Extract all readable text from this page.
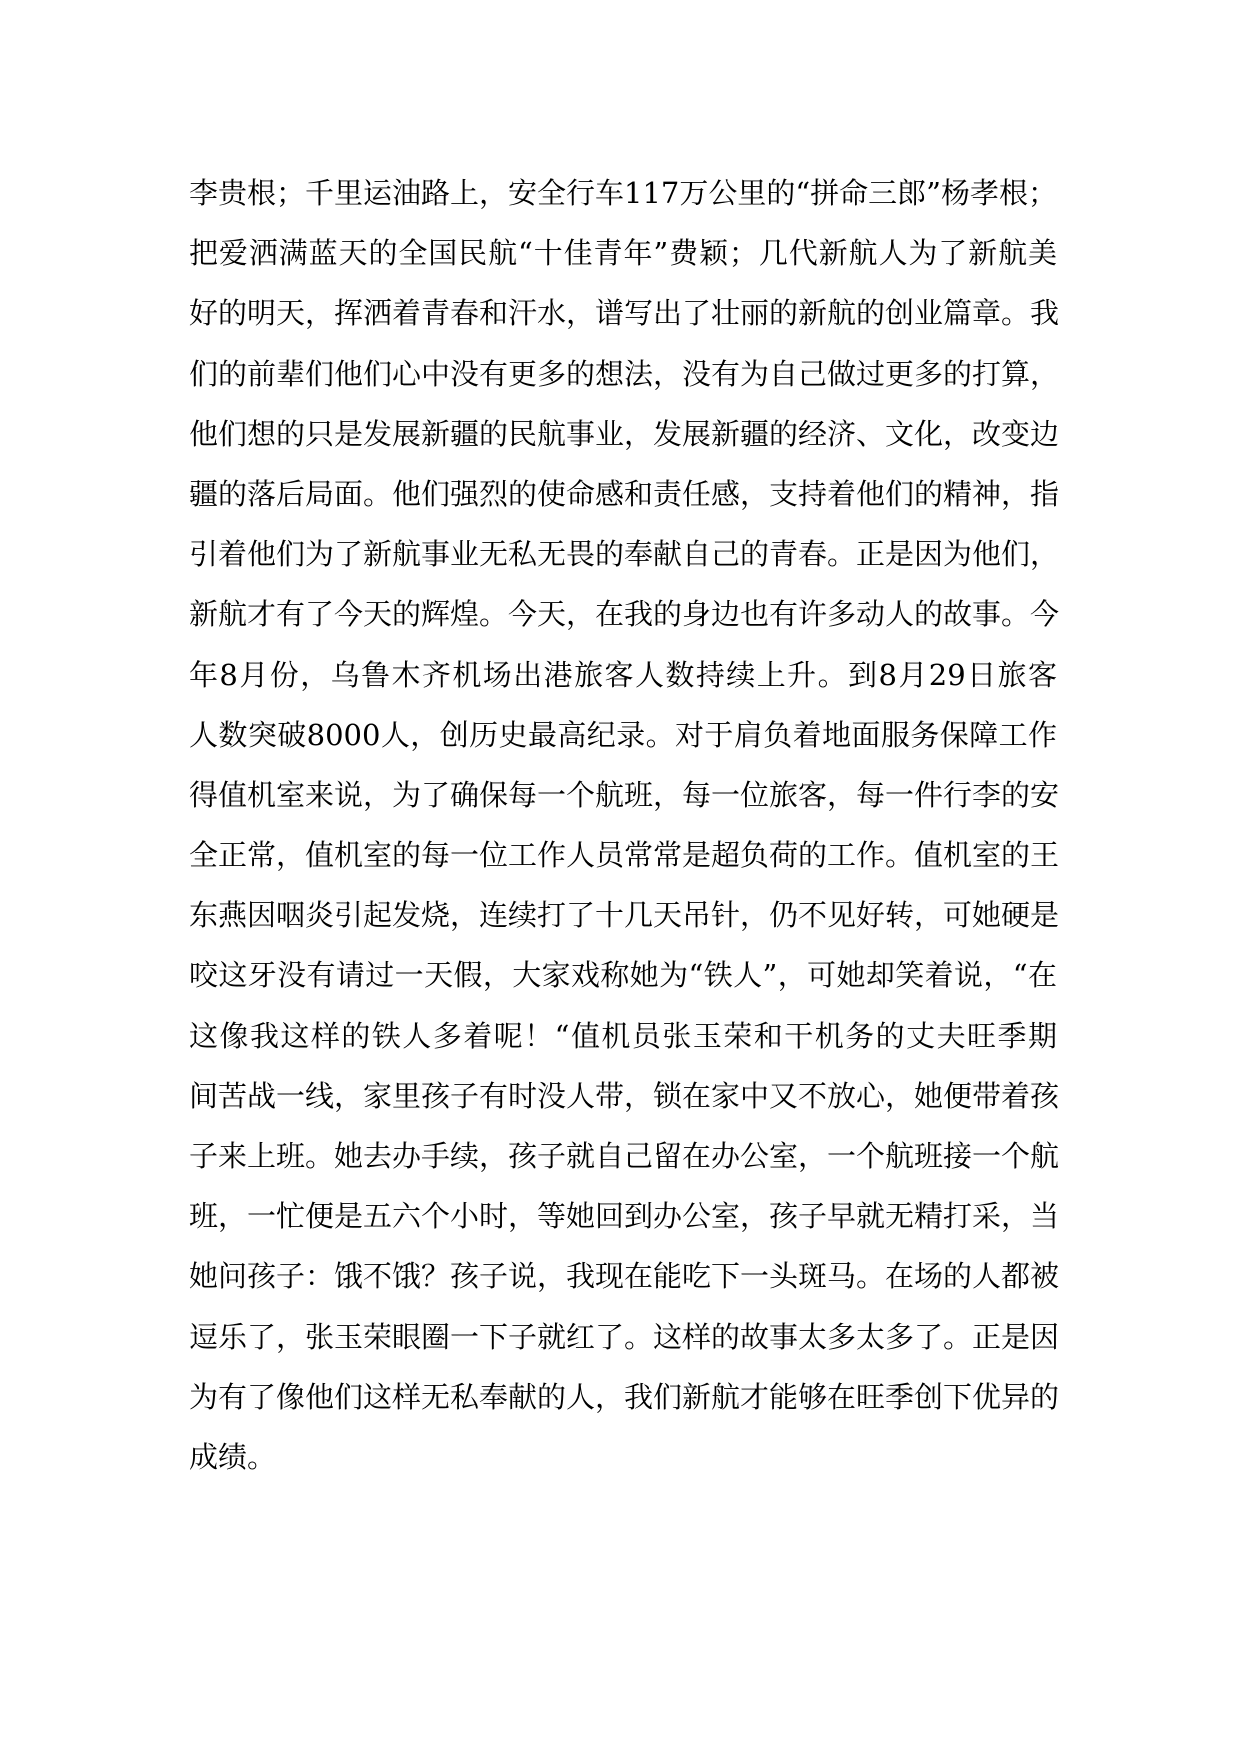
李贵根；千里运油路上，安全行车117万公里的“拼命三郎”杨孝根；
把爱洒满蓝天的全国民航“十佳青年”费颖；几代新航人为了新航美
好的明天，挥洒着青春和汗水，谱写出了壮丽的新航的创业篇章。我
们的前辈们他们心中没有更多的想法，没有为自己做过更多的打算，
他们想的只是发展新疆的民航事业，发展新疆的经济、文化，改变边
疆的落后局面。他们强烈的使命感和责任感，支持着他们的精神，指
引着他们为了新航事业无私无畏的奉献自己的青春。正是因为他们，
新航才有了今天的辉煌。今天，在我的身边也有许多动人的故事。今
年8月份，乌鲁木齐机场出港旅客人数持续上升。到8月29日旅客
人数突破8000人，创历史最高纪录。对于肩负着地面服务保障工作
得值机室来说，为了确保每一个航班，每一位旅客，每一件行李的安
全正常，值机室的每一位工作人员常常是超负荷的工作。值机室的王
东燕因咽炎引起发烧，连续打了十几天吊针，仍不见好转，可她硬是
咬这牙没有请过一天假，大家戏称她为“铁人”，可她却笑着说，“在
这像我这样的铁人多着呢！“值机员张玉荣和干机务的丈夫旺季期
间苦战一线，家里孩子有时没人带，锁在家中又不放心，她便带着孩
子来上班。她去办手续，孩子就自己留在办公室，一个航班接一个航
班，一忙便是五六个小时，等她回到办公室，孩子早就无精打采，当
她问孩子：饿不饿？孩子说，我现在能吃下一头斑马。在场的人都被
逗乐了，张玉荣眼圈一下子就红了。这样的故事太多太多了。正是因
为有了像他们这样无私奉献的人，我们新航才能够在旺季创下优异的
成绩。
